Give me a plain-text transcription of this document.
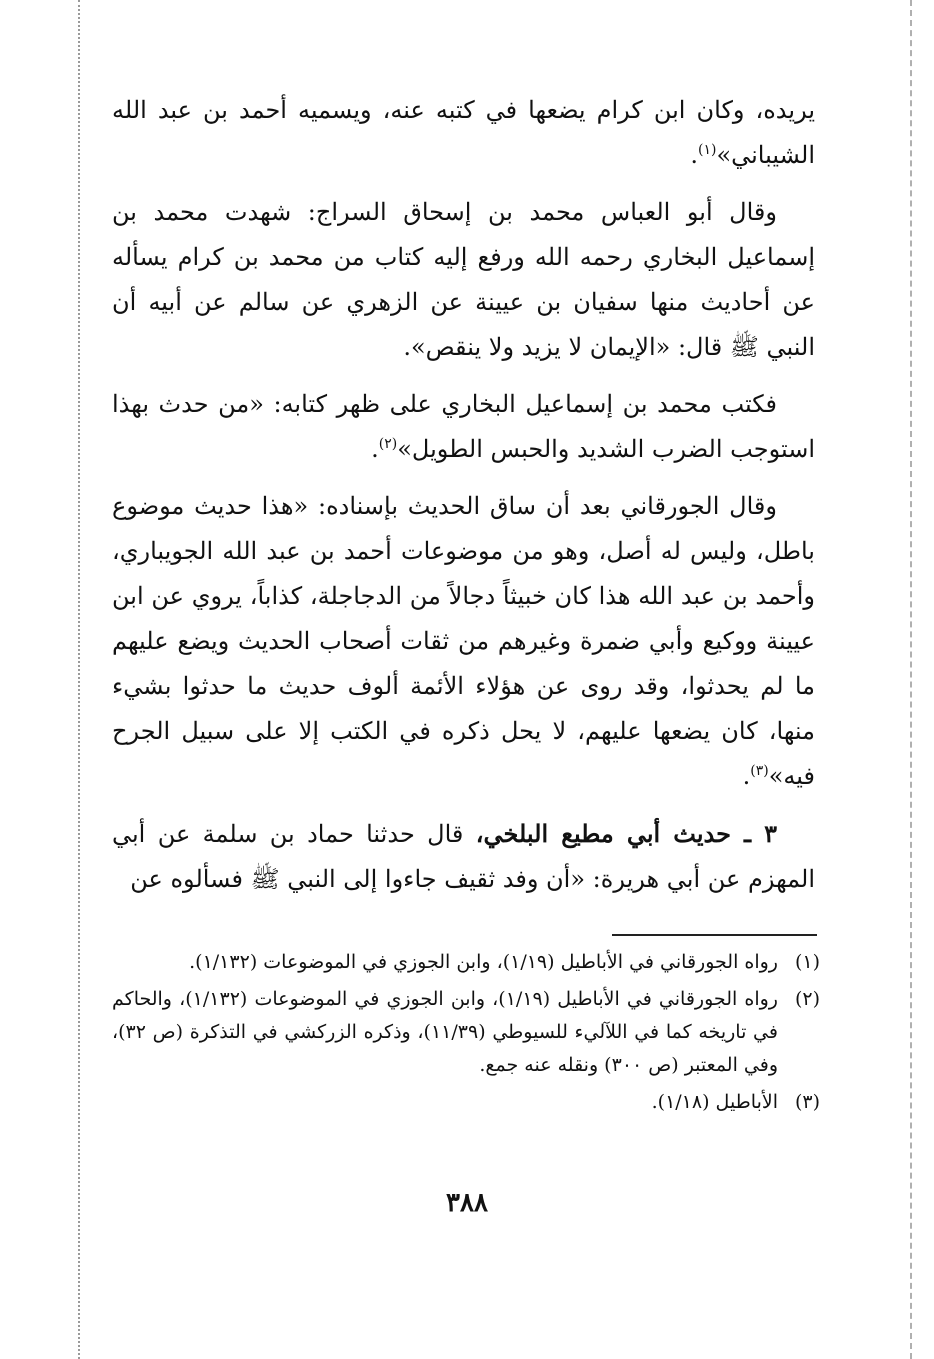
يريده، وكان ابن كرام يضعها في كتبه عنه، ويسميه أحمد بن عبد الله الشيباني»$^{(١)}$.

وقال أبو العباس محمد بن إسحاق السراج: شهدت محمد بن إسماعيل البخاري رحمه الله ورفع إليه كتاب من محمد بن كرام يسأله عن أحاديث منها سفيان بن عيينة عن الزهري عن سالم عن أبيه أن النبي ﷺ قال: «الإيمان لا يزيد ولا ينقص».

فكتب محمد بن إسماعيل البخاري على ظهر كتابه: «من حدث بهذا استوجب الضرب الشديد والحبس الطويل»$^{(٢)}$.

وقال الجورقاني بعد أن ساق الحديث بإسناده: «هذا حديث موضوع باطل، وليس له أصل، وهو من موضوعات أحمد بن عبد الله الجويباري، وأحمد بن عبد الله هذا كان خبيثاً دجالاً من الدجاجلة، كذاباً، يروي عن ابن عيينة ووكيع وأبي ضمرة وغيرهم من ثقات أصحاب الحديث ويضع عليهم ما لم يحدثوا، وقد روى عن هؤلاء الأئمة ألوف حديث ما حدثوا بشيء منها، كان يضعها عليهم، لا يحل ذكره في الكتب إلا على سبيل الجرح فيه»$^{(٣)}$.

٣ ـ حديث أبي مطيع البلخي، قال حدثنا حماد بن سلمة عن أبي المهزم عن أبي هريرة: «أن وفد ثقيف جاءوا إلى النبي ﷺ فسألوه عن

(١)
رواه الجورقاني في الأباطيل (١/١٩)، وابن الجوزي في الموضوعات (١/١٣٢).
(٢)
رواه الجورقاني في الأباطيل (١/١٩)، وابن الجوزي في الموضوعات (١/١٣٢)، والحاكم في تاريخه كما في اللآليء للسيوطي (١١/٣٩)، وذكره الزركشي في التذكرة (ص ٣٢)، وفي المعتبر (ص ٣٠٠) ونقله عنه جمع.
(٣)
الأباطيل (١/١٨).
٣٨٨
